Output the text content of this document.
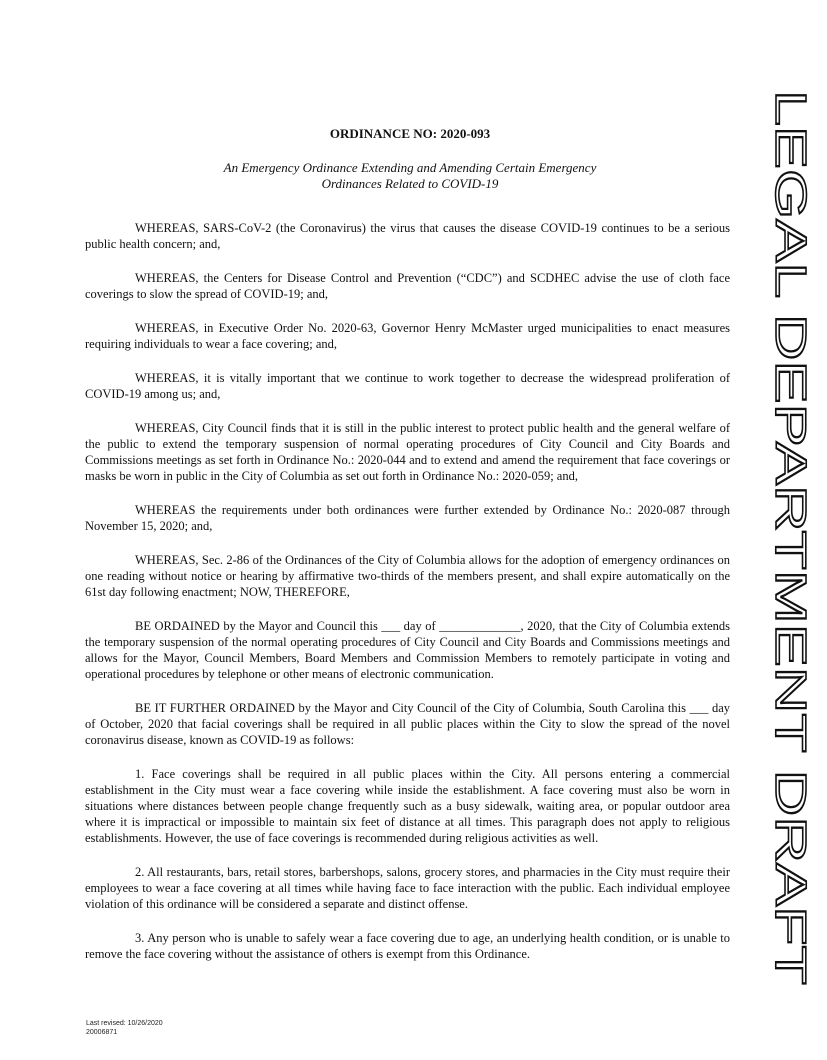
ORDINANCE NO: 2020-093
An Emergency Ordinance Extending and Amending Certain Emergency
Ordinances Related to COVID-19

WHEREAS, SARS-CoV-2 (the Coronavirus) the virus that causes the disease COVID-19 continues to be a serious public health concern; and,

WHEREAS, the Centers for Disease Control and Prevention (“CDC”) and SCDHEC advise the use of cloth face coverings to slow the spread of COVID-19; and,

WHEREAS, in Executive Order No. 2020-63, Governor Henry McMaster urged municipalities to enact measures requiring individuals to wear a face covering; and,

WHEREAS, it is vitally important that we continue to work together to decrease the widespread proliferation of COVID-19 among us; and,

WHEREAS, City Council finds that it is still in the public interest to protect public health and the general welfare of the public to extend the temporary suspension of normal operating procedures of City Council and City Boards and Commissions meetings as set forth in Ordinance No.: 2020-044 and to extend and amend the requirement that face coverings or masks be worn in public in the City of Columbia as set out forth in Ordinance No.: 2020-059; and,

WHEREAS the requirements under both ordinances were further extended by Ordinance No.: 2020-087 through November 15, 2020; and,

WHEREAS, Sec. 2-86 of the Ordinances of the City of Columbia allows for the adoption of emergency ordinances on one reading without notice or hearing by affirmative two-thirds of the members present, and shall expire automatically on the 61st day following enactment; NOW, THEREFORE,

BE ORDAINED by the Mayor and Council this ___ day of _____________, 2020, that the City of Columbia extends the temporary suspension of the normal operating procedures of City Council and City Boards and Commissions meetings and allows for the Mayor, Council Members, Board Members and Commission Members to remotely participate in voting and operational procedures by telephone or other means of electronic communication.

BE IT FURTHER ORDAINED by the Mayor and City Council of the City of Columbia, South Carolina this ___ day of October, 2020 that facial coverings shall be required in all public places within the City to slow the spread of the novel coronavirus disease, known as COVID-19 as follows:

1. Face coverings shall be required in all public places within the City. All persons entering a commercial establishment in the City must wear a face covering while inside the establishment. A face covering must also be worn in situations where distances between people change frequently such as a busy sidewalk, waiting area, or popular outdoor area where it is impractical or impossible to maintain six feet of distance at all times. This paragraph does not apply to religious establishments. However, the use of face coverings is recommended during religious activities as well.

2. All restaurants, bars, retail stores, barbershops, salons, grocery stores, and pharmacies in the City must require their employees to wear a face covering at all times while having face to face interaction with the public. Each individual employee violation of this ordinance will be considered a separate and distinct offense.

3. Any person who is unable to safely wear a face covering due to age, an underlying health condition, or is unable to remove the face covering without the assistance of others is exempt from this Ordinance.

Last revised: 10/26/2020
20006871
LEGAL DEPARTMENT DRAFT
